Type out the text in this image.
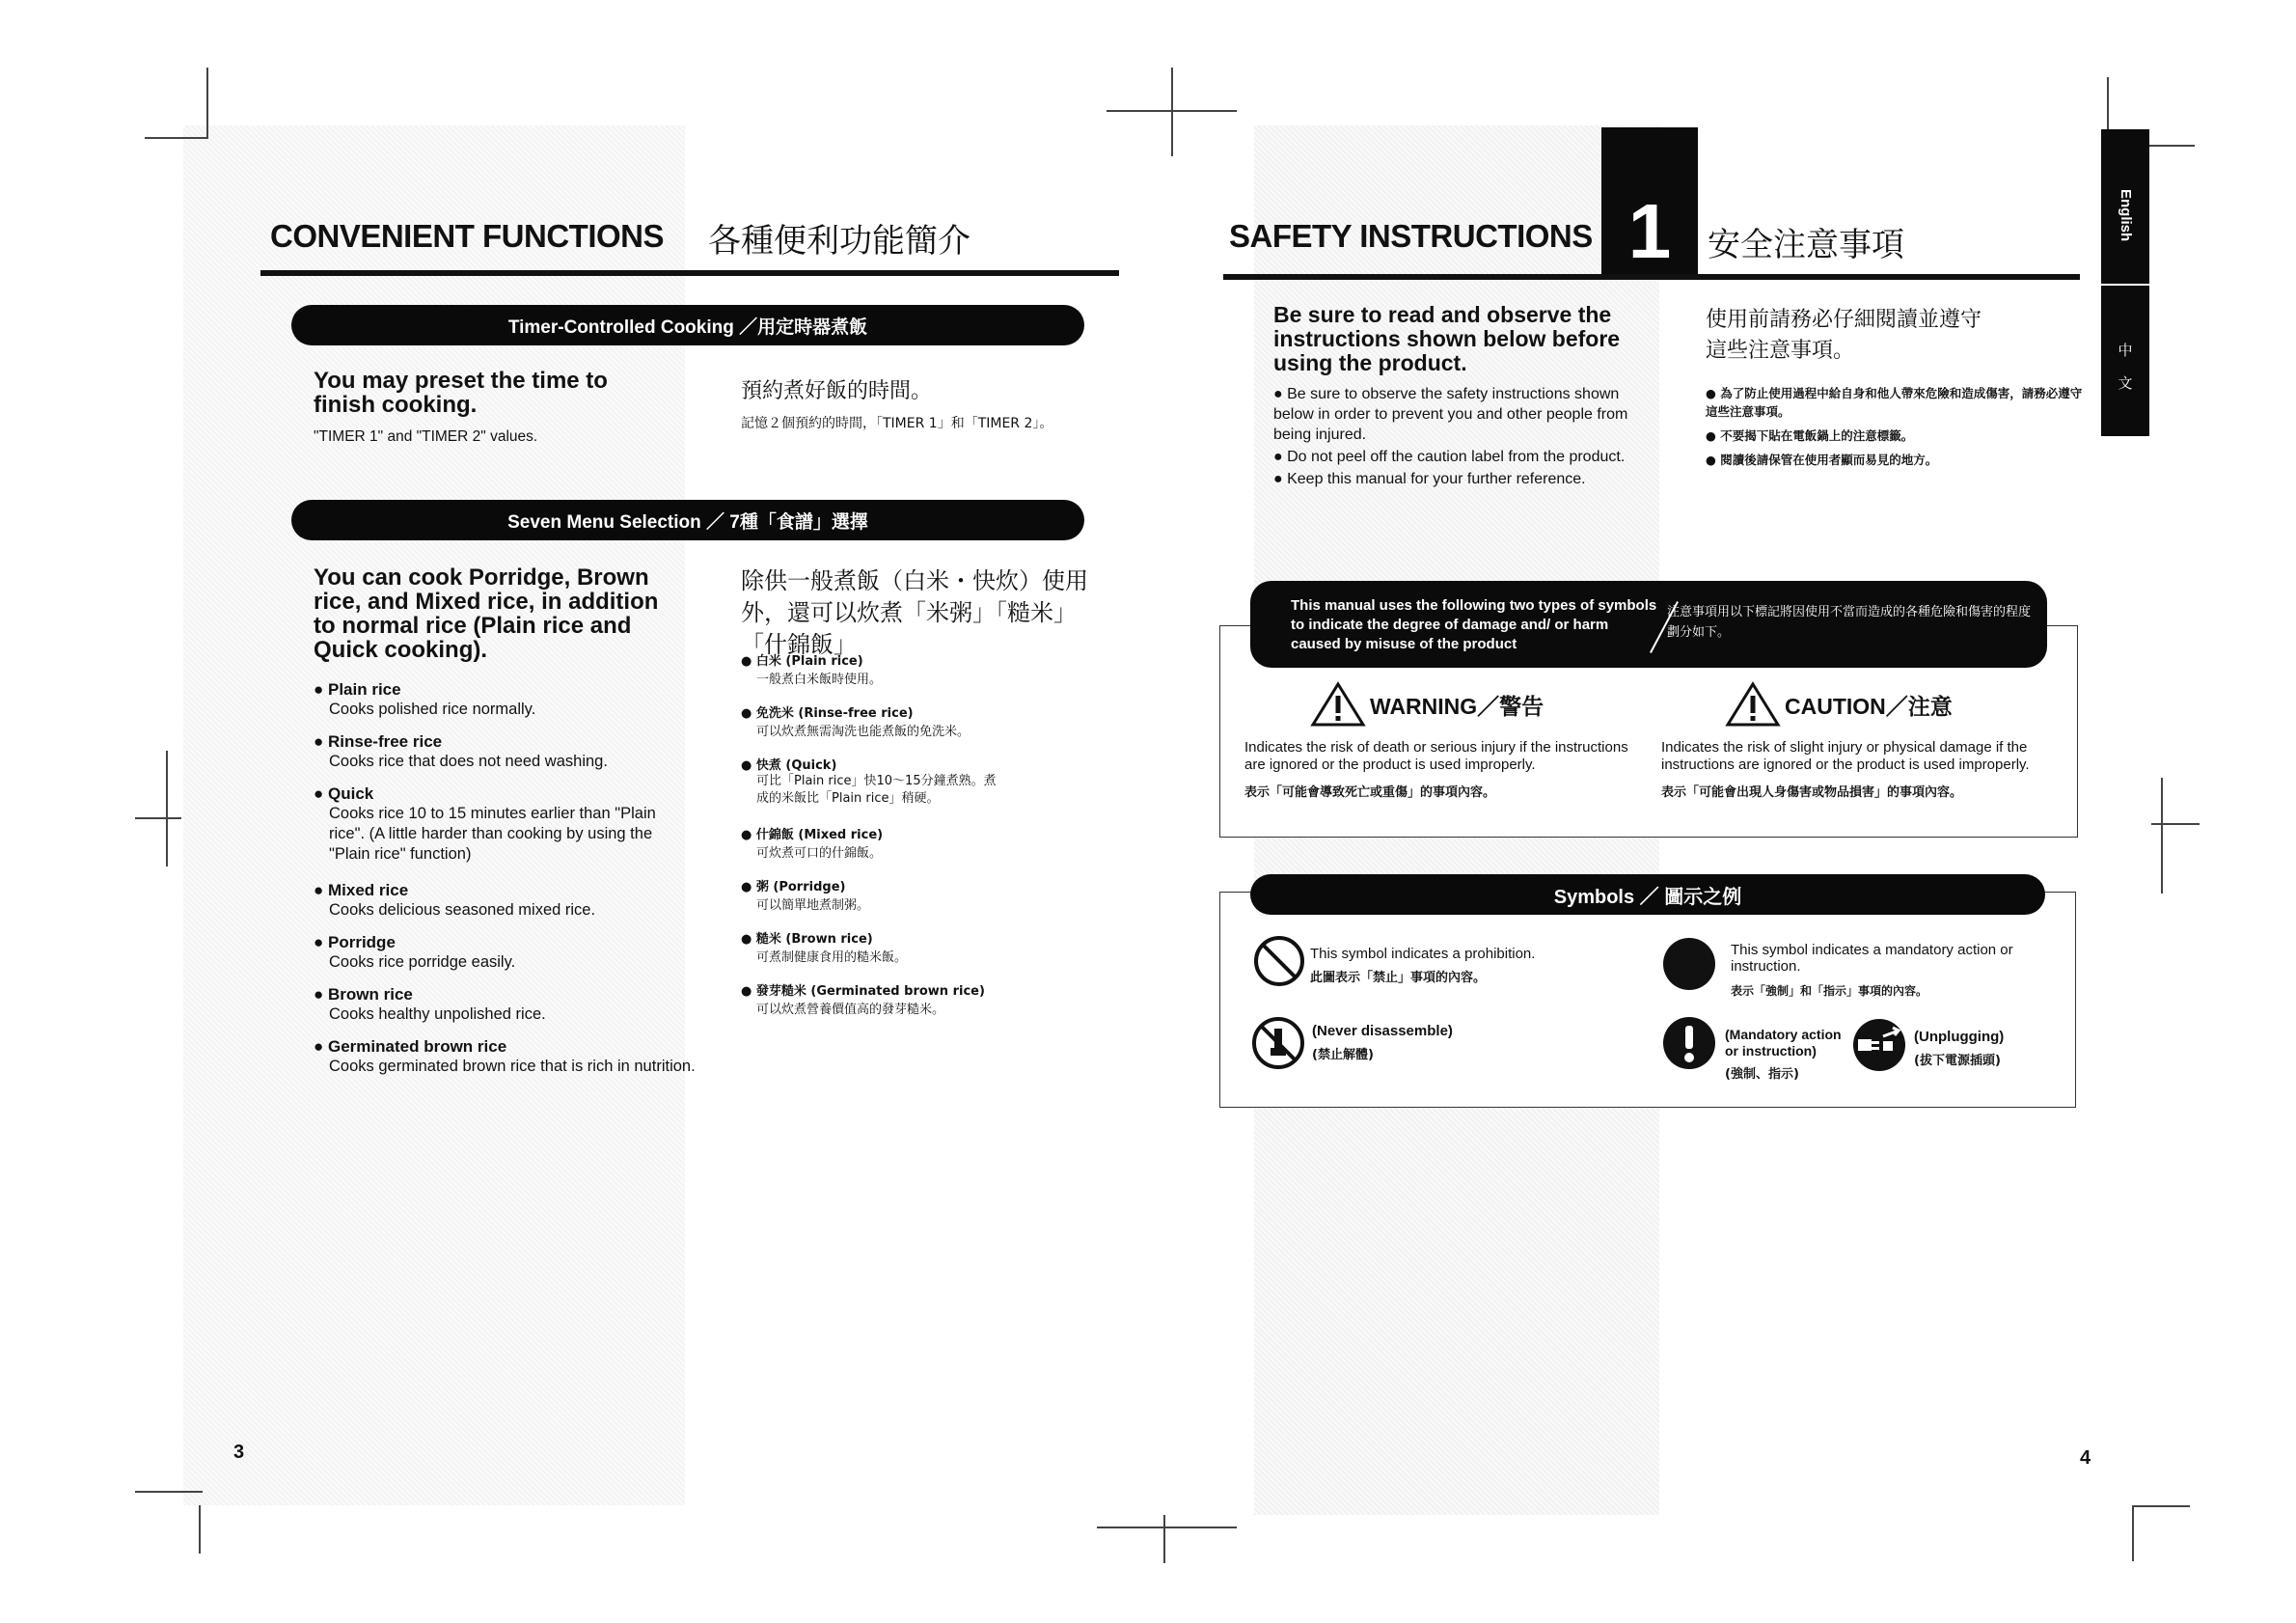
CONVENIENT FUNCTIONS 各種便利功能簡介
Timer-Controlled Cooking ／用定時器煮飯
You may preset the time to finish cooking.
"TIMER 1" and "TIMER 2" values.
預約煮好飯的時間。
記憶２個預約的時間，「TIMER 1」和「TIMER 2」。
Seven Menu Selection ／ 7種「食譜」選擇
You can cook Porridge, Brown rice, and Mixed rice, in addition to normal rice (Plain rice and Quick cooking).
除供一般煮飯（白米・快炊）使用外，還可以炊煮「米粥」「糙米」「什錦飯」
● Plain rice
Cooks polished rice normally.
● Rinse-free rice
Cooks rice that does not need washing.
● Quick
Cooks rice 10 to 15 minutes earlier than "Plain rice". (A little harder than cooking by using the "Plain rice" function)
● Mixed rice
Cooks delicious seasoned mixed rice.
● Porridge
Cooks rice porridge easily.
● Brown rice
Cooks healthy unpolished rice.
● Germinated brown rice
Cooks germinated brown rice that is rich in nutrition.
● 白米 (Plain rice)
一般煮白米飯時使用。
● 免洗米 (Rinse-free rice)
可以炊煮無需淘洗也能煮飯的免洗米。
● 快煮 (Quick)
可比「Plain rice」快10～15分鐘煮熟。煮成的米飯比「Plain rice」稍硬。
● 什錦飯 (Mixed rice)
可炊煮可口的什錦飯。
● 粥 (Porridge)
可以簡單地煮制粥。
● 糙米 (Brown rice)
可煮制健康食用的糙米飯。
● 發芽糙米 (Germinated brown rice)
可以炊煮營養價值高的發芽糙米。
3
SAFETY INSTRUCTIONS 1	安全注意事項
English
中 文
Be sure to read and observe the instructions shown below before using the product.
● Be sure to observe the safety instructions shown below in order to prevent you and other people from being injured.
● Do not peel off the caution label from the product.
● Keep this manual for your further reference.
使用前請務必仔細閱讀並遵守這些注意事項。
● 為了防止使用過程中給自身和他人帶來危險和造成傷害，請務必遵守這些注意事項。
● 不要揭下貼在電飯鍋上的注意標籤。
● 閱讀後請保管在使用者顯而易見的地方。
This manual uses the following two types of symbols to indicate the degree of damage and/ or harm caused by misuse of the product
注意事項用以下標記將因使用不當而造成的各種危險和傷害的程度劃分如下。
WARNING／警告
Indicates the risk of death or serious injury if the instructions are ignored or the product is used improperly.
表示「可能會導致死亡或重傷」的事項內容。
CAUTION／注意
Indicates the risk of slight injury or physical damage if the instructions are ignored or the product is used improperly.
表示「可能會出現人身傷害或物品損害」的事項內容。
Symbols ／ 圖示之例
This symbol indicates a prohibition.
此圖表示「禁止」事項的內容。
(Never disassemble)
(禁止解體)
This symbol indicates a mandatory action or instruction.
表示「強制」和「指示」事項的內容。
(Mandatory action or instruction)
(強制、指示)
(Unplugging)
(拔下電源插頭)
4
